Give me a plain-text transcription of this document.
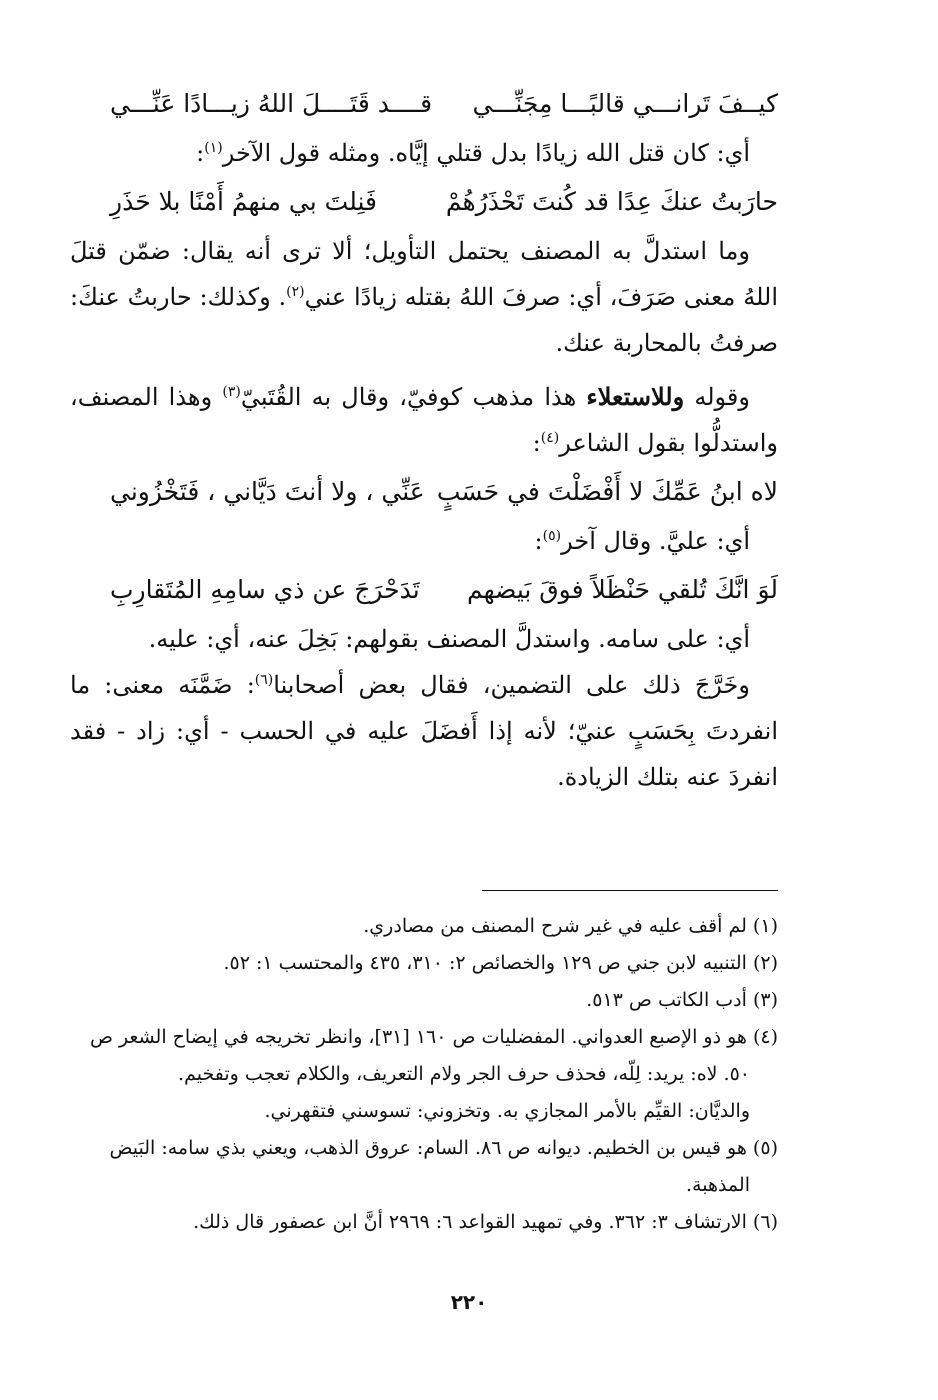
كيــفَ تَرانـــي قالبًـــا مِجَنِّـــي
قــــد قَتَــــلَ اللهُ زيـــادًا عَنِّـــي

أي: كان قتل الله زيادًا بدل قتلي إيَّاه. ومثله قول الآخر$^{(١)}$:

حارَبتُ عنكَ عِدًا قد كُنتَ تَحْذَرُهُمْ
فَنِلتَ بي منهمُ أَمْنًا بلا حَذَرِ

وما استدلَّ به المصنف يحتمل التأويل؛ ألا ترى أنه يقال: ضمّن قتلَ اللهُ معنى صَرَفَ، أي: صرفَ اللهُ بقتله زيادًا عني$^{(٢)}$. وكذلك: حاربتُ عنكَ: صرفتُ بالمحاربة عنك.

وقوله وللاستعلاء هذا مذهب كوفيّ، وقال به القُتَبيّ$^{(٣)}$ وهذا المصنف، واستدلُّوا بقول الشاعر$^{(٤)}$:

لاه ابنُ عَمِّكَ لا أَفْضَلْتَ في حَسَبٍ
عَنِّي ، ولا أنتَ دَيَّاني ، فَتَخْزُوني

أي: عليَّ. وقال آخر$^{(٥)}$:

لَوَ انَّكَ تُلقي حَنْظَلاً فوقَ بَيضهم
تَدَحْرَجَ عن ذي سامِهِ المُتَقارِبِ

أي: على سامه. واستدلَّ المصنف بقولهم: بَخِلَ عنه، أي: عليه.

وخَرَّجَ ذلك على التضمين، فقال بعض أصحابنا$^{(٦)}$: ضَمَّنَه معنى: ما انفردتَ بِحَسَبٍ عنيّ؛ لأنه إذا أَفضَلَ عليه في الحسب - أي: زاد - فقد انفردَ عنه بتلك الزيادة.

(١) لم أقف عليه في غير شرح المصنف من مصادري.

(٢) التنبيه لابن جني ص ١٢٩ والخصائص ٢: ٣١٠، ٤٣٥ والمحتسب ١: ٥٢.

(٣) أدب الكاتب ص ٥١٣.

(٤) هو ذو الإصبع العدواني. المفضليات ص ١٦٠ [٣١]، وانظر تخريجه في إيضاح الشعر ص
٥٠. لاه: يريد: لِلّه، فحذف حرف الجر ولام التعريف، والكلام تعجب وتفخيم.
والديَّان: القيِّم بالأمر المجازي به. وتخزوني: تسوسني فتقهرني.

(٥) هو قيس بن الخطيم. ديوانه ص ٨٦. السام: عروق الذهب، ويعني بذي سامه: البَيض
المذهبة.

(٦) الارتشاف ٣: ٣٦٢. وفي تمهيد القواعد ٦: ٢٩٦٩ أنَّ ابن عصفور قال ذلك.

٢٢٠
